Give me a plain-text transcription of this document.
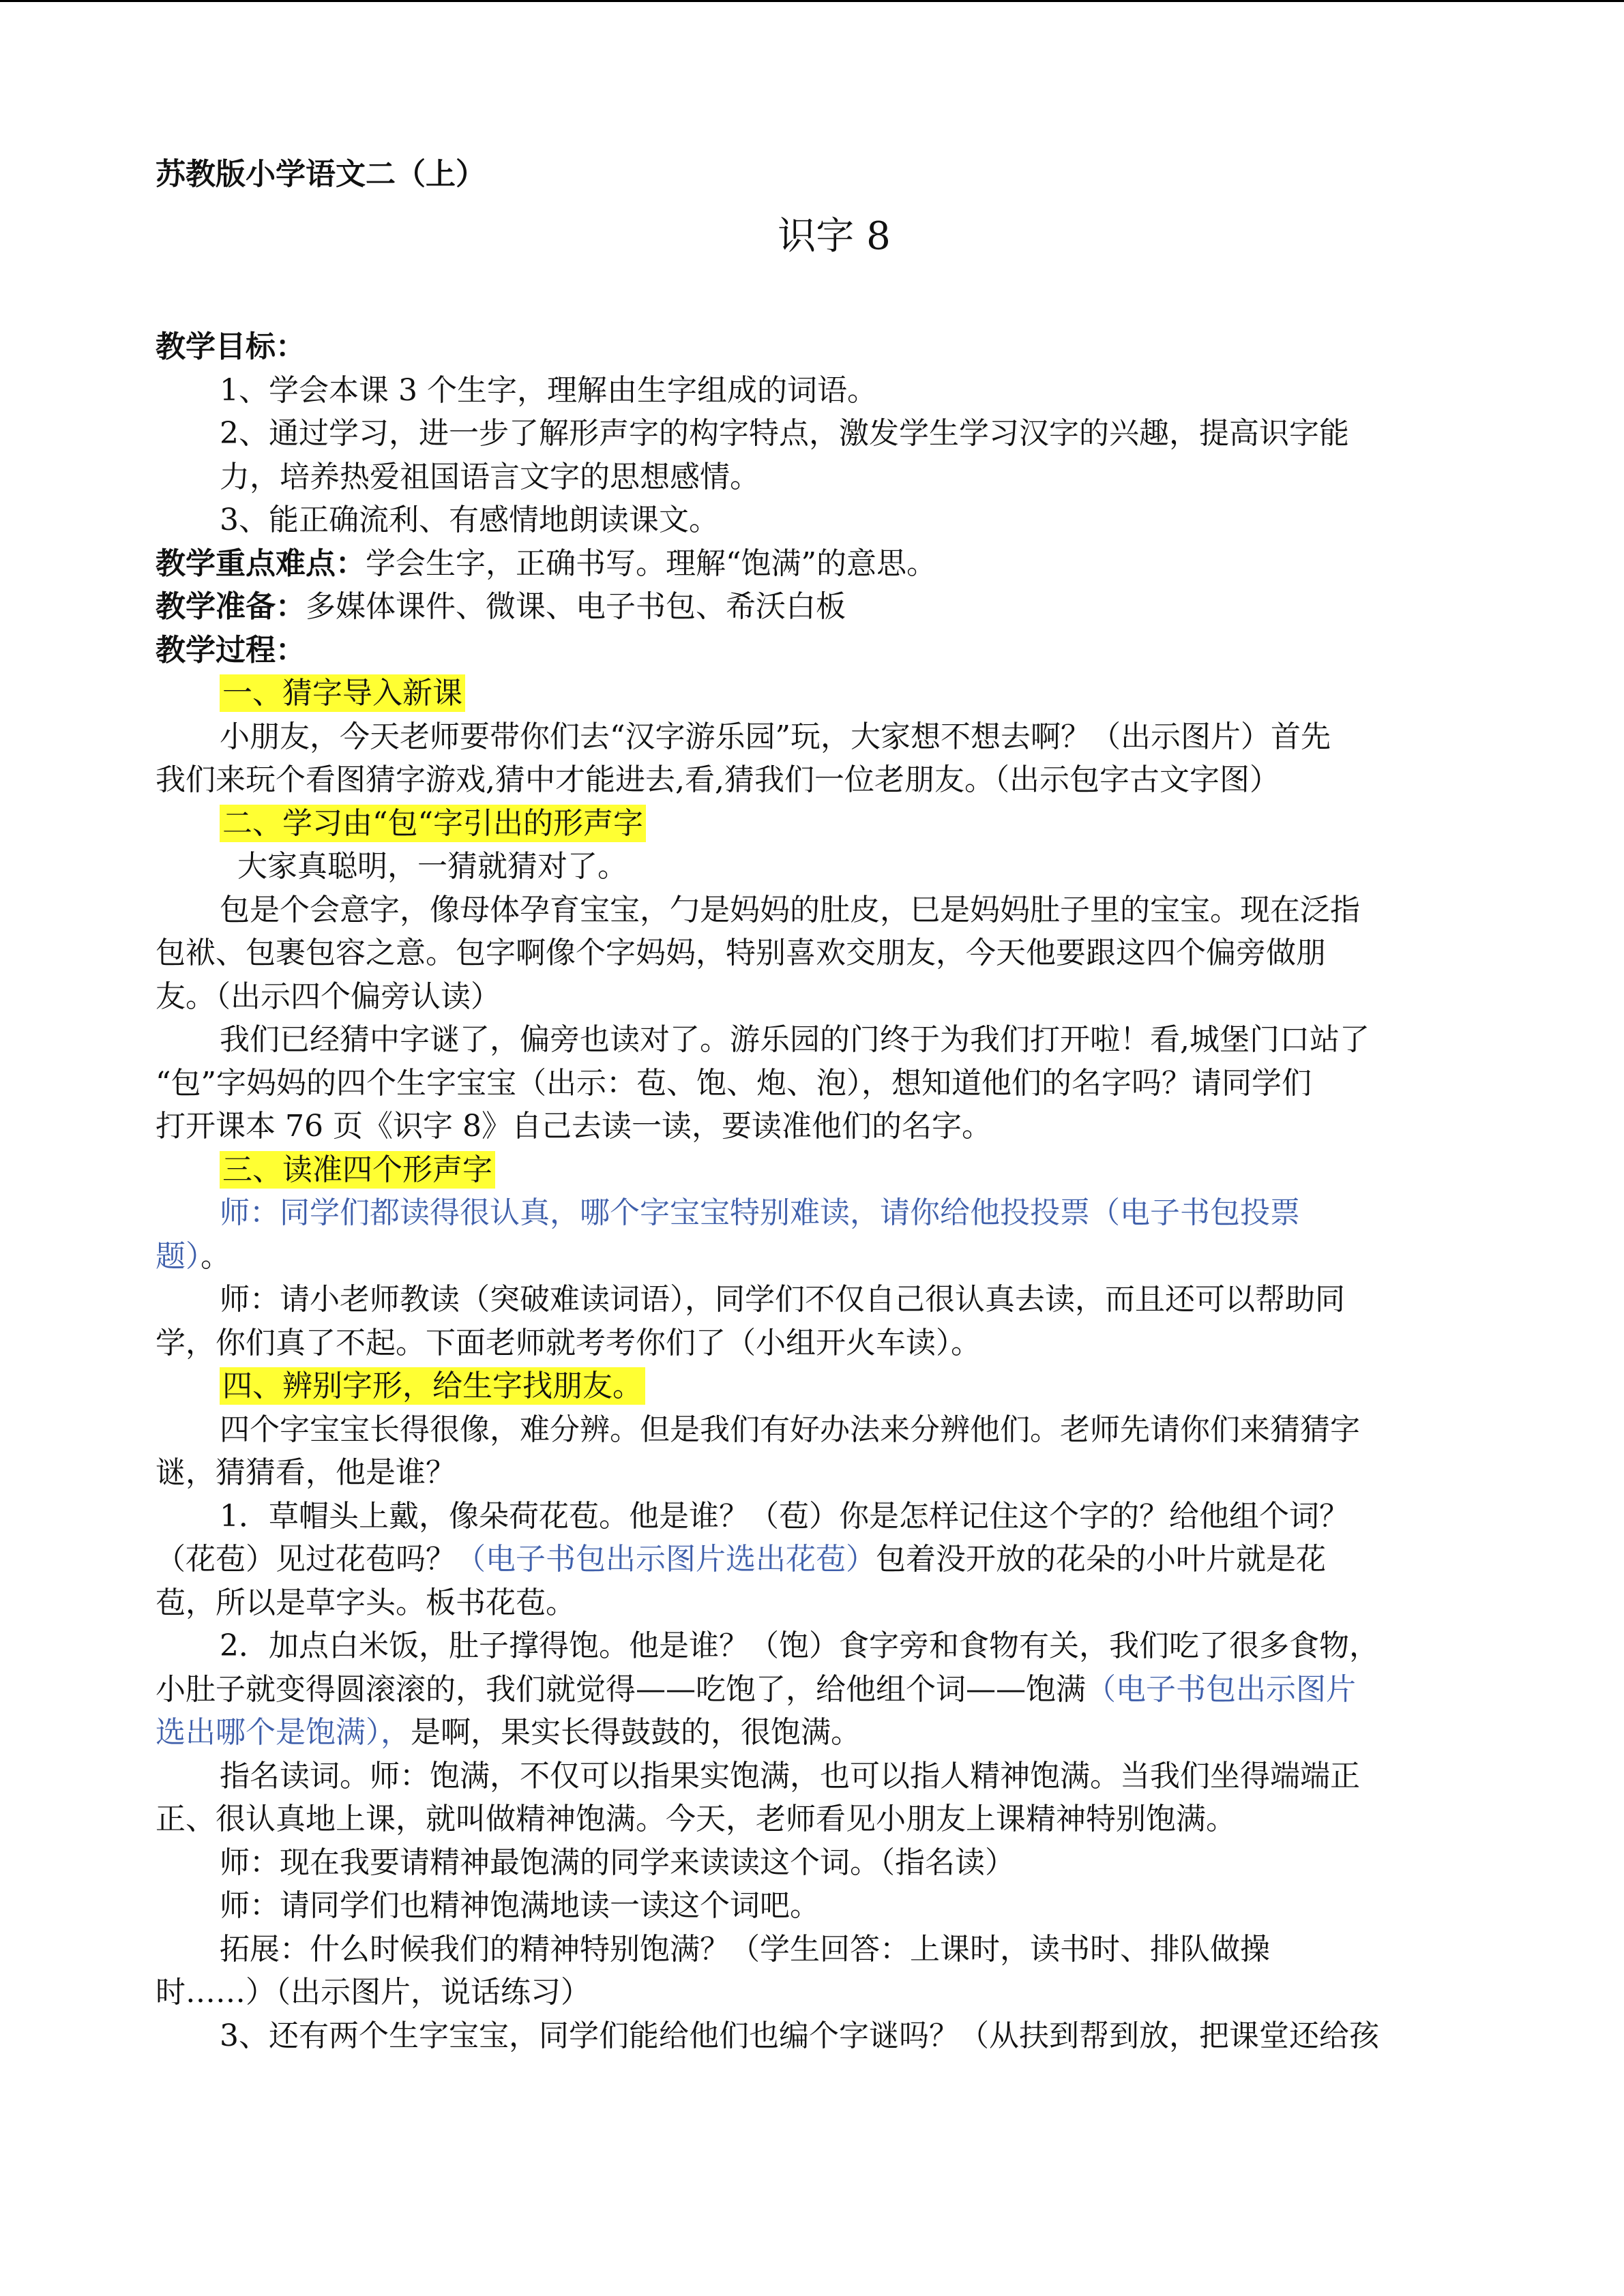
苏教版小学语文二（上）
识字 8
教学目标：
1、学会本课 3 个生字，理解由生字组成的词语。
2、通过学习，进一步了解形声字的构字特点，激发学生学习汉字的兴趣，提高识字能
力，培养热爱祖国语言文字的思想感情。
3、能正确流利、有感情地朗读课文。
教学重点难点：学会生字，正确书写。理解“饱满”的意思。
教学准备：多媒体课件、微课、电子书包、希沃白板
教学过程：
一、猜字导入新课
小朋友，今天老师要带你们去“汉字游乐园”玩，大家想不想去啊？（出示图片）首先
我们来玩个看图猜字游戏,猜中才能进去,看,猜我们一位老朋友。（出示包字古文字图）
二、学习由“包“字引出的形声字
大家真聪明，一猜就猜对了。
包是个会意字，像母体孕育宝宝，勹是妈妈的肚皮，巳是妈妈肚子里的宝宝。现在泛指
包袱、包裹包容之意。包字啊像个字妈妈，特别喜欢交朋友，今天他要跟这四个偏旁做朋
友。（出示四个偏旁认读）
我们已经猜中字谜了，偏旁也读对了。游乐园的门终于为我们打开啦！看,城堡门口站了
“包”字妈妈的四个生字宝宝（出示：苞、饱、炮、泡），想知道他们的名字吗？请同学们
打开课本 76 页《识字 8》自己去读一读，要读准他们的名字。
三、读准四个形声字
师：同学们都读得很认真，哪个字宝宝特别难读，请你给他投投票（电子书包投票
题）。
师：请小老师教读（突破难读词语），同学们不仅自己很认真去读，而且还可以帮助同
学，你们真了不起。下面老师就考考你们了（小组开火车读）。
四、辨别字形，给生字找朋友。
四个字宝宝长得很像，难分辨。但是我们有好办法来分辨他们。老师先请你们来猜猜字
谜，猜猜看，他是谁？
1．草帽头上戴，像朵荷花苞。他是谁？（苞）你是怎样记住这个字的？给他组个词？
（花苞）见过花苞吗？（电子书包出示图片选出花苞）包着没开放的花朵的小叶片就是花
苞，所以是草字头。板书花苞。
2．加点白米饭，肚子撑得饱。他是谁？（饱）食字旁和食物有关，我们吃了很多食物，
小肚子就变得圆滚滚的，我们就觉得——吃饱了，给他组个词——饱满（电子书包出示图片
选出哪个是饱满），是啊，果实长得鼓鼓的，很饱满。
指名读词。师：饱满，不仅可以指果实饱满，也可以指人精神饱满。当我们坐得端端正
正、很认真地上课，就叫做精神饱满。今天，老师看见小朋友上课精神特别饱满。
师：现在我要请精神最饱满的同学来读读这个词。（指名读）
师：请同学们也精神饱满地读一读这个词吧。
拓展：什么时候我们的精神特别饱满？（学生回答：上课时，读书时、排队做操
时……）（出示图片，说话练习）
3、还有两个生字宝宝，同学们能给他们也编个字谜吗？（从扶到帮到放，把课堂还给孩
